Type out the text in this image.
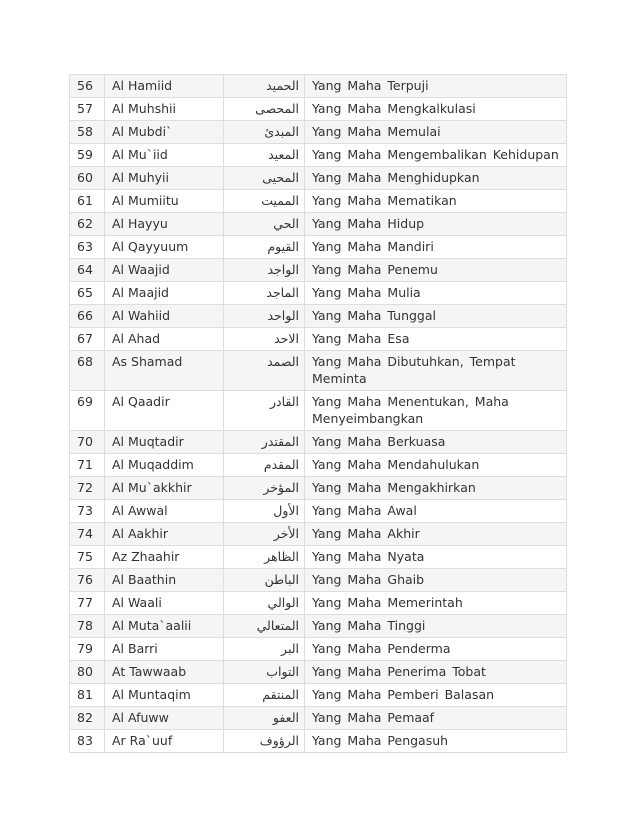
56	Al Hamiid	الحميد	Yang Maha Terpuji
57	Al Muhshii	المحصى	Yang Maha Mengkalkulasi
58	Al Mubdi`	المبدئ	Yang Maha Memulai
59	Al Mu`iid	المعيد	Yang Maha Mengembalikan Kehidupan
60	Al Muhyii	المحيى	Yang Maha Menghidupkan
61	Al Mumiitu	المميت	Yang Maha Mematikan
62	Al Hayyu	الحي	Yang Maha Hidup
63	Al Qayyuum	القيوم	Yang Maha Mandiri
64	Al Waajid	الواجد	Yang Maha Penemu
65	Al Maajid	الماجد	Yang Maha Mulia
66	Al Wahiid	الواحد	Yang Maha Tunggal
67	Al Ahad	الاحد	Yang Maha Esa
68	As Shamad	الصمد	Yang Maha Dibutuhkan, Tempat Meminta
69	Al Qaadir	القادر	Yang Maha Menentukan, Maha Menyeimbangkan
70	Al Muqtadir	المقتدر	Yang Maha Berkuasa
71	Al Muqaddim	المقدم	Yang Maha Mendahulukan
72	Al Mu`akkhir	المؤخر	Yang Maha Mengakhirkan
73	Al Awwal	الأول	Yang Maha Awal
74	Al Aakhir	الأخر	Yang Maha Akhir
75	Az Zhaahir	الظاهر	Yang Maha Nyata
76	Al Baathin	الباطن	Yang Maha Ghaib
77	Al Waali	الوالي	Yang Maha Memerintah
78	Al Muta`aalii	المتعالي	Yang Maha Tinggi
79	Al Barri	البر	Yang Maha Penderma
80	At Tawwaab	التواب	Yang Maha Penerima Tobat
81	Al Muntaqim	المنتقم	Yang Maha Pemberi Balasan
82	Al Afuww	العفو	Yang Maha Pemaaf
83	Ar Ra`uuf	الرؤوف	Yang Maha Pengasuh
